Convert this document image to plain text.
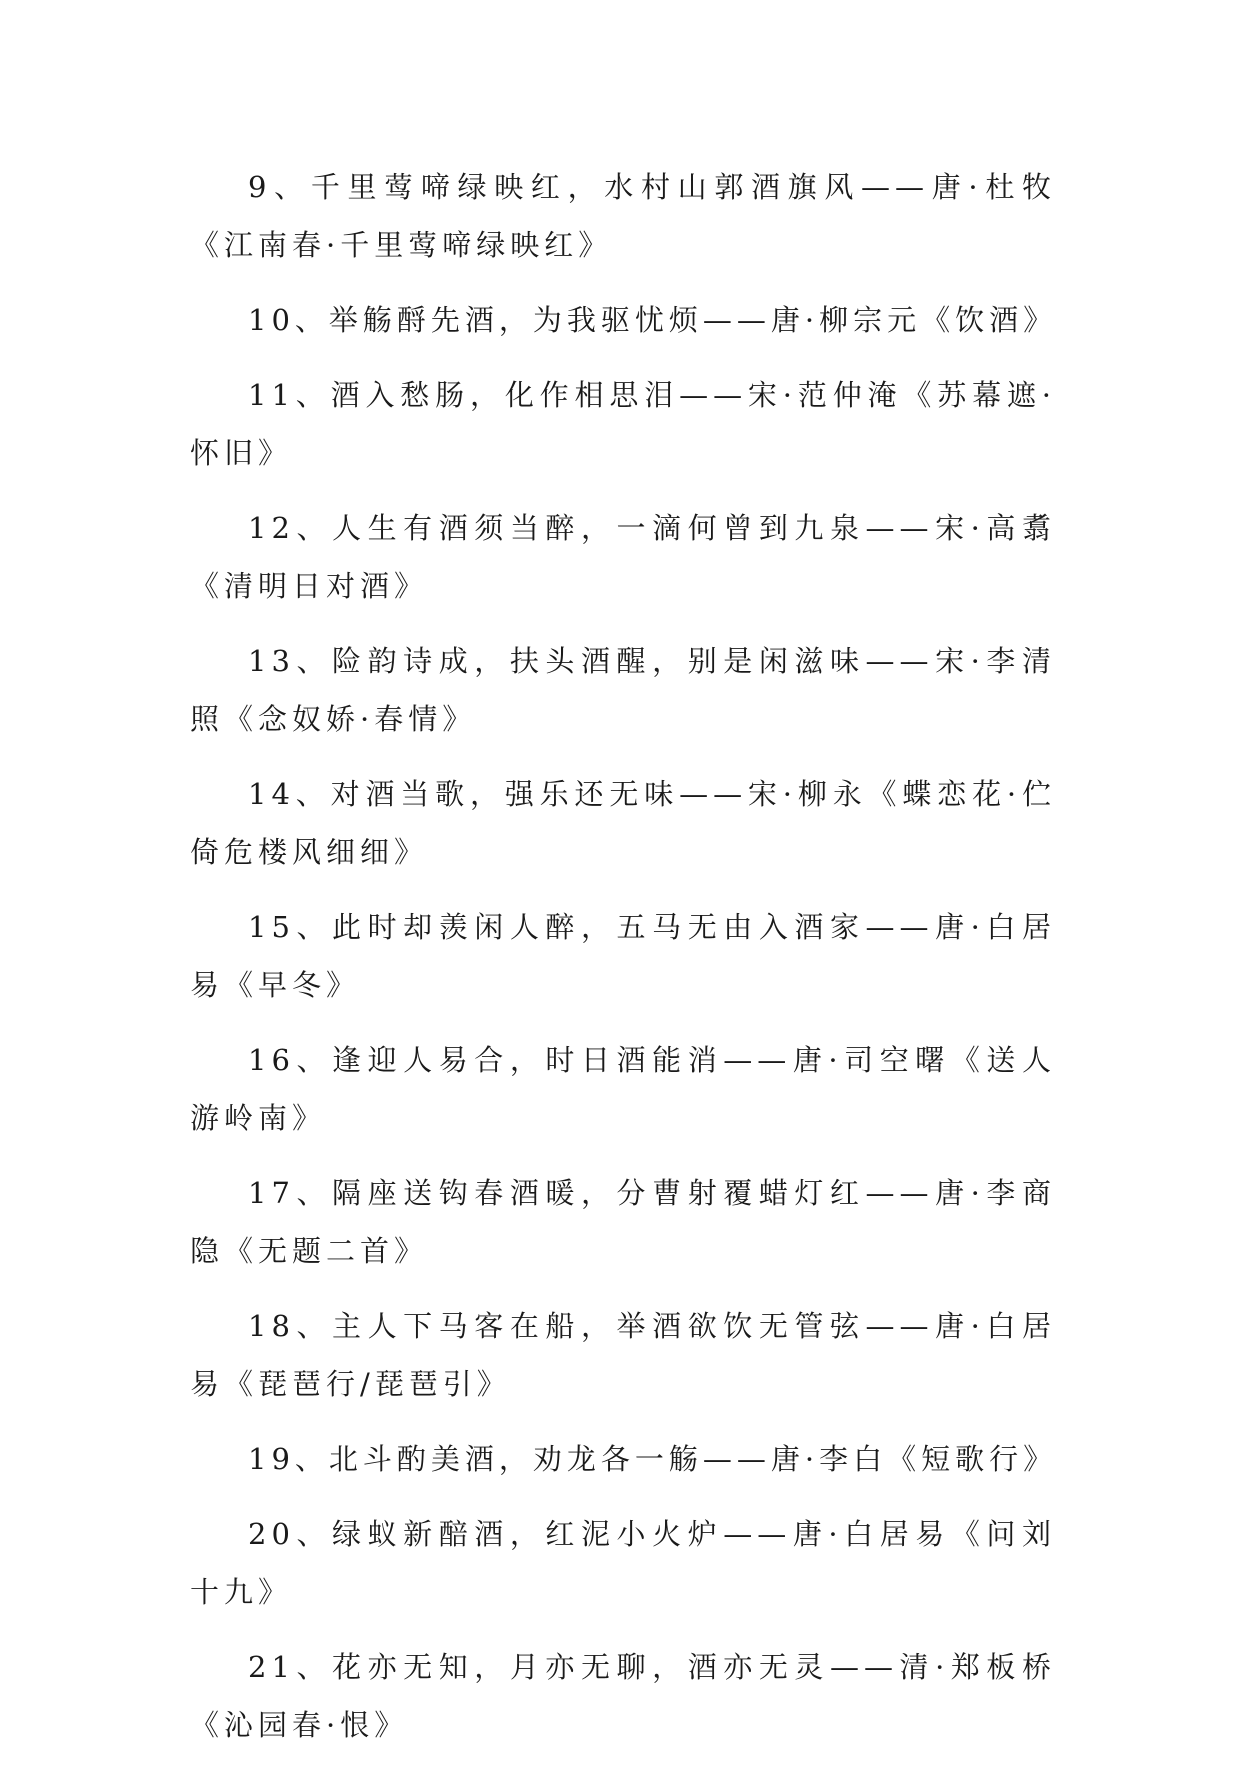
9、千里莺啼绿映红，水村山郭酒旗风——唐·杜牧《江南春·千里莺啼绿映红》

10、举觞酹先酒，为我驱忧烦——唐·柳宗元《饮酒》

11、酒入愁肠，化作相思泪——宋·范仲淹《苏幕遮·怀旧》

12、人生有酒须当醉，一滴何曾到九泉——宋·高翥《清明日对酒》

13、险韵诗成，扶头酒醒，别是闲滋味——宋·李清照《念奴娇·春情》

14、对酒当歌，强乐还无味——宋·柳永《蝶恋花·伫倚危楼风细细》

15、此时却羡闲人醉，五马无由入酒家——唐·白居易《早冬》

16、逢迎人易合，时日酒能消——唐·司空曙《送人游岭南》

17、隔座送钩春酒暖，分曹射覆蜡灯红——唐·李商隐《无题二首》

18、主人下马客在船，举酒欲饮无管弦——唐·白居易《琵琶行/琵琶引》

19、北斗酌美酒，劝龙各一觞——唐·李白《短歌行》

20、绿蚁新醅酒，红泥小火炉——唐·白居易《问刘十九》

21、花亦无知，月亦无聊，酒亦无灵——清·郑板桥《沁园春·恨》
